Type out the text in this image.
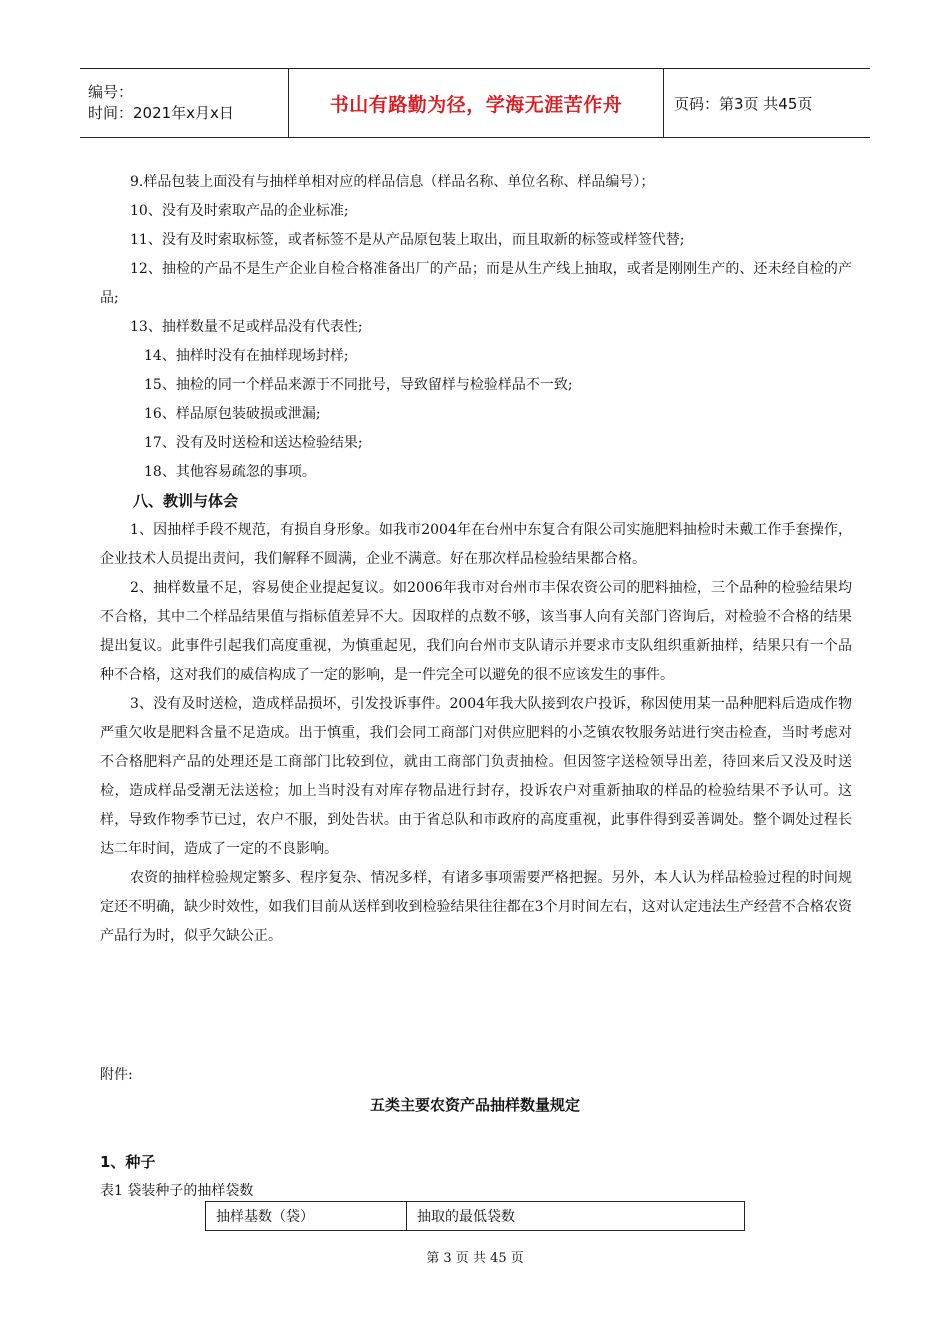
编号：
时间：2021年x月x日	书山有路勤为径，学海无涯苦作舟	页码：第3页 共45页

9.样品包装上面没有与抽样单相对应的样品信息（样品名称、单位名称、样品编号）；

10、没有及时索取产品的企业标准;

11、没有及时索取标签，或者标签不是从产品原包装上取出，而且取新的标签或样签代替;

12、抽检的产品不是生产企业自检合格准备出厂的产品；而是从生产线上抽取，或者是刚刚生产的、还未经自检的产品;

13、抽样数量不足或样品没有代表性;

14、抽样时没有在抽样现场封样;

15、抽检的同一个样品来源于不同批号，导致留样与检验样品不一致;

16、样品原包装破损或泄漏;

17、没有及时送检和送达检验结果;

18、其他容易疏忽的事项。

八、教训与体会

1、因抽样手段不规范，有损自身形象。如我市2004年在台州中东复合有限公司实施肥料抽检时未戴工作手套操作，企业技术人员提出责问，我们解释不圆满，企业不满意。好在那次样品检验结果都合格。

2、抽样数量不足，容易使企业提起复议。如2006年我市对台州市丰保农资公司的肥料抽检，三个品种的检验结果均不合格，其中二个样品结果值与指标值差异不大。因取样的点数不够，该当事人向有关部门咨询后，对检验不合格的结果提出复议。此事件引起我们高度重视，为慎重起见，我们向台州市支队请示并要求市支队组织重新抽样，结果只有一个品种不合格，这对我们的威信构成了一定的影响，是一件完全可以避免的很不应该发生的事件。

3、没有及时送检，造成样品损坏，引发投诉事件。2004年我大队接到农户投诉，称因使用某一品种肥料后造成作物严重欠收是肥料含量不足造成。出于慎重，我们会同工商部门对供应肥料的小芝镇农牧服务站进行突击检查，当时考虑对不合格肥料产品的处理还是工商部门比较到位，就由工商部门负责抽检。但因签字送检领导出差，待回来后又没及时送检，造成样品受潮无法送检；加上当时没有对库存物品进行封存，投诉农户对重新抽取的样品的检验结果不予认可。这样，导致作物季节已过，农户不服，到处告状。由于省总队和市政府的高度重视，此事件得到妥善调处。整个调处过程长达二年时间，造成了一定的不良影响。

农资的抽样检验规定繁多、程序复杂、情况多样，有诸多事项需要严格把握。另外，本人认为样品检验过程的时间规定还不明确，缺少时效性，如我们目前从送样到收到检验结果往往都在3个月时间左右，这对认定违法生产经营不合格农资产品行为时，似乎欠缺公正。

附件:
五类主要农资产品抽样数量规定
1、种子
表1 袋装种子的抽样袋数
抽样基数（袋）	抽取的最低袋数
第 3 页 共 45 页
